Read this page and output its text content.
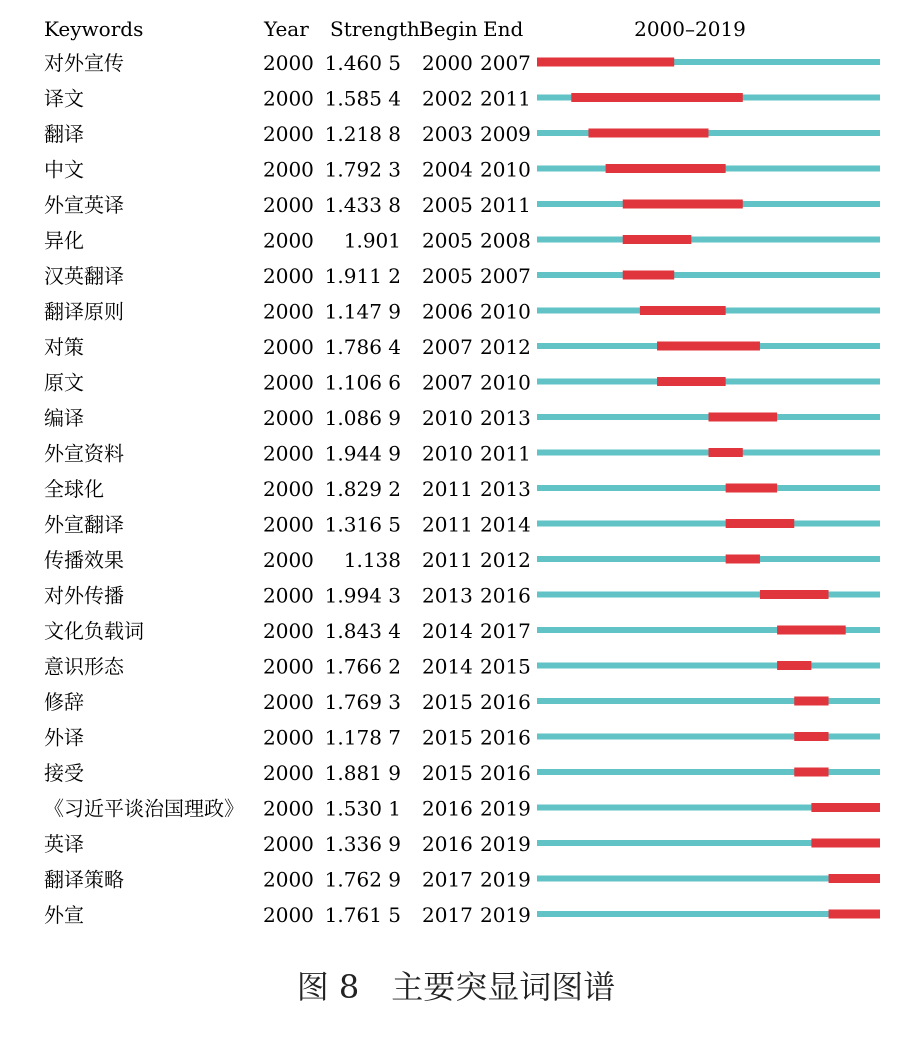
Keywords	Year Strength Begin End	2000–2019
对外宣传	2000 1.460 5 2000 2007
译文	2000 1.585 4 2002 2011
翻译	2000 1.218 8 2003 2009
中文	2000 1.792 3 2004 2010
外宣英译	2000 1.433 8 2005 2011
异化	2000 1.901 2005 2008
汉英翻译	2000 1.911 2 2005 2007
翻译原则	2000 1.147 9 2006 2010
对策	2000 1.786 4 2007 2012
原文	2000 1.106 6 2007 2010
编译	2000 1.086 9 2010 2013
外宣资料	2000 1.944 9 2010 2011
全球化	2000 1.829 2 2011 2013
外宣翻译	2000 1.316 5 2011 2014
传播效果	2000 1.138 2011 2012
对外传播	2000 1.994 3 2013 2016
文化负载词	2000 1.843 4 2014 2017
意识形态	2000 1.766 2 2014 2015
修辞	2000 1.769 3 2015 2016
外译	2000 1.178 7 2015 2016
接受	2000 1.881 9 2015 2016
《习近平谈治国理政》 2000 1.530 1 2016 2019
英译	2000 1.336 9 2016 2019
翻译策略	2000 1.762 9 2017 2019
外宣	2000 1.761 5 2017 2019
图 8　主要突显词图谱
